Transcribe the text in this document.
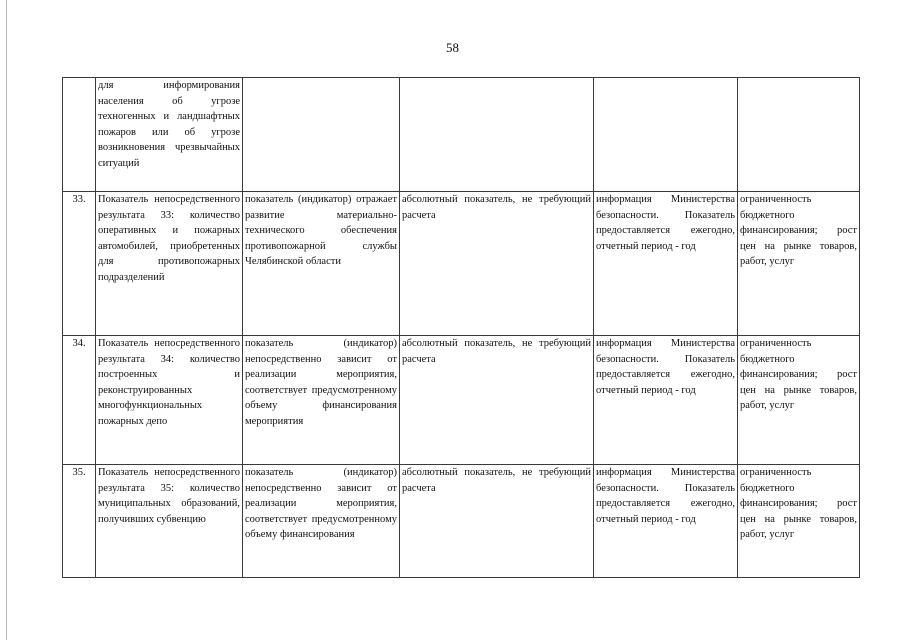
58
	для информирования населения об угрозе техногенных и ландшафтных пожаров или об угрозе возникновения чрезвычайных ситуаций				
33.	Показатель непосредственного результата 33: количество оперативных и пожарных автомобилей, приобретенных для противопожарных подразделений	показатель (индикатор) отражает развитие материально-технического обеспечения противопожарной службы Челябинской области	абсолютный показатель, не требующий расчета	информация Министерства безопасности. Показатель предоставляется ежегодно, отчетный период - год	ограниченность бюджетного финансирования; рост цен на рынке товаров, работ, услуг
34.	Показатель непосредственного результата 34: количество построенных и реконструированных многофункциональных пожарных депо	показатель (индикатор) непосредственно зависит от реализации мероприятия, соответствует предусмотренному объему финансирования мероприятия	абсолютный показатель, не требующий расчета	информация Министерства безопасности. Показатель предоставляется ежегодно, отчетный период - год	ограниченность бюджетного финансирования; рост цен на рынке товаров, работ, услуг
35.	Показатель непосредственного результата 35: количество муниципальных образований, получивших субвенцию	показатель (индикатор) непосредственно зависит от реализации мероприятия, соответствует предусмотренному объему финансирования	абсолютный показатель, не требующий расчета	информация Министерства безопасности. Показатель предоставляется ежегодно, отчетный период - год	ограниченность бюджетного финансирования; рост цен на рынке товаров, работ, услуг
